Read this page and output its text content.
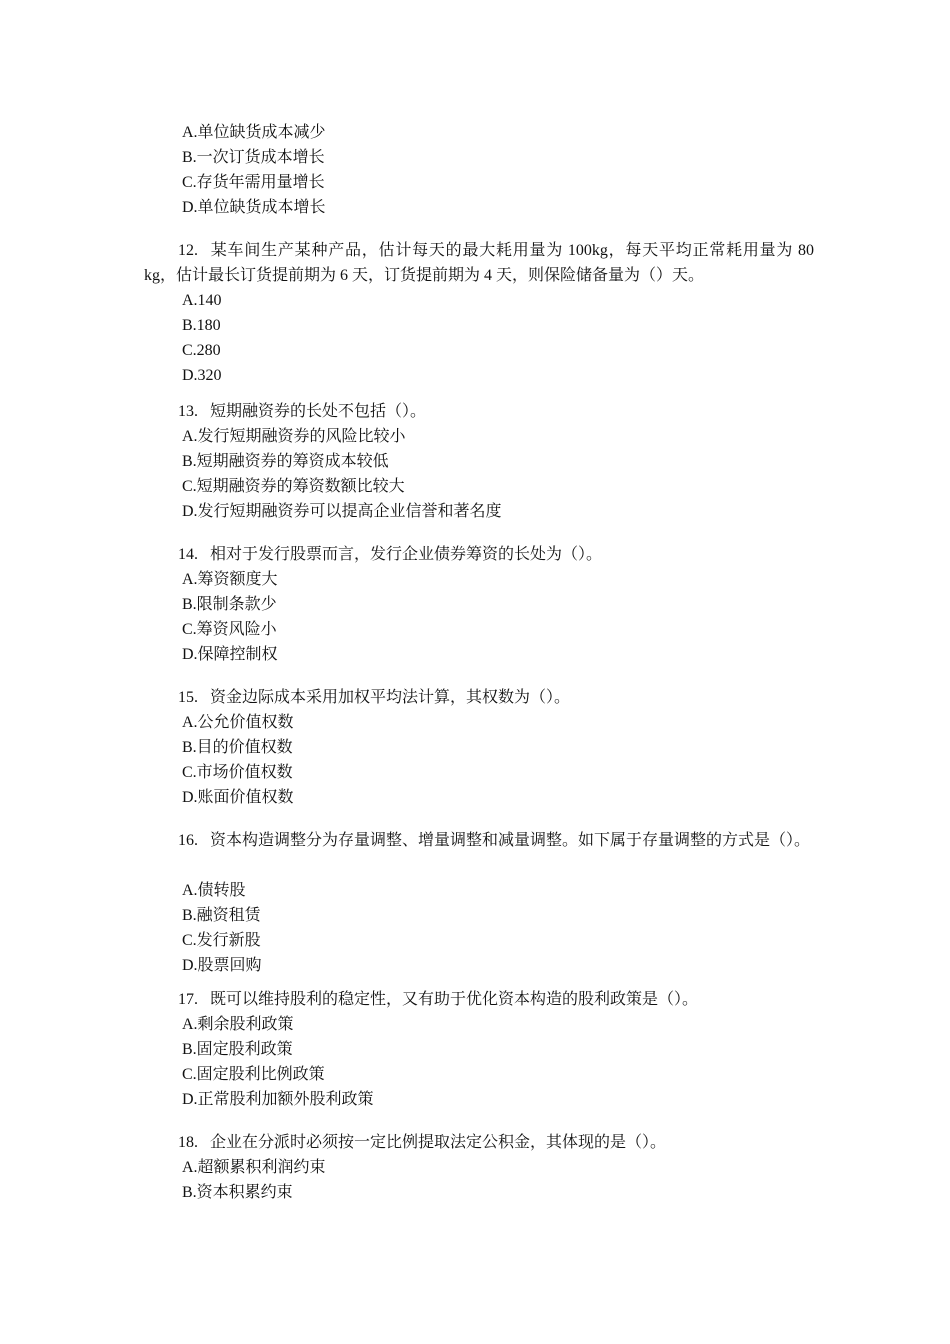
A.单位缺货成本减少
B.一次订货成本增长
C.存货年需用量增长
D.单位缺货成本增长
12. 某车间生产某种产品，估计每天的最大耗用量为 100kg，每天平均正常耗用量为 80 kg，估计最长订货提前期为 6 天，订货提前期为 4 天，则保险储备量为（）天。
A.140
B.180
C.280
D.320
13. 短期融资券的长处不包括（）。
A.发行短期融资券的风险比较小
B.短期融资券的筹资成本较低
C.短期融资券的筹资数额比较大
D.发行短期融资券可以提高企业信誉和著名度
14. 相对于发行股票而言，发行企业债券筹资的长处为（）。
A.筹资额度大
B.限制条款少
C.筹资风险小
D.保障控制权
15. 资金边际成本采用加权平均法计算，其权数为（）。
A.公允价值权数
B.目的价值权数
C.市场价值权数
D.账面价值权数
16. 资本构造调整分为存量调整、增量调整和减量调整。如下属于存量调整的方式是（）。
A.债转股
B.融资租赁
C.发行新股
D.股票回购
17. 既可以维持股利的稳定性，又有助于优化资本构造的股利政策是（）。
A.剩余股利政策
B.固定股利政策
C.固定股利比例政策
D.正常股利加额外股利政策
18. 企业在分派时必须按一定比例提取法定公积金，其体现的是（）。
A.超额累积利润约束
B.资本积累约束
